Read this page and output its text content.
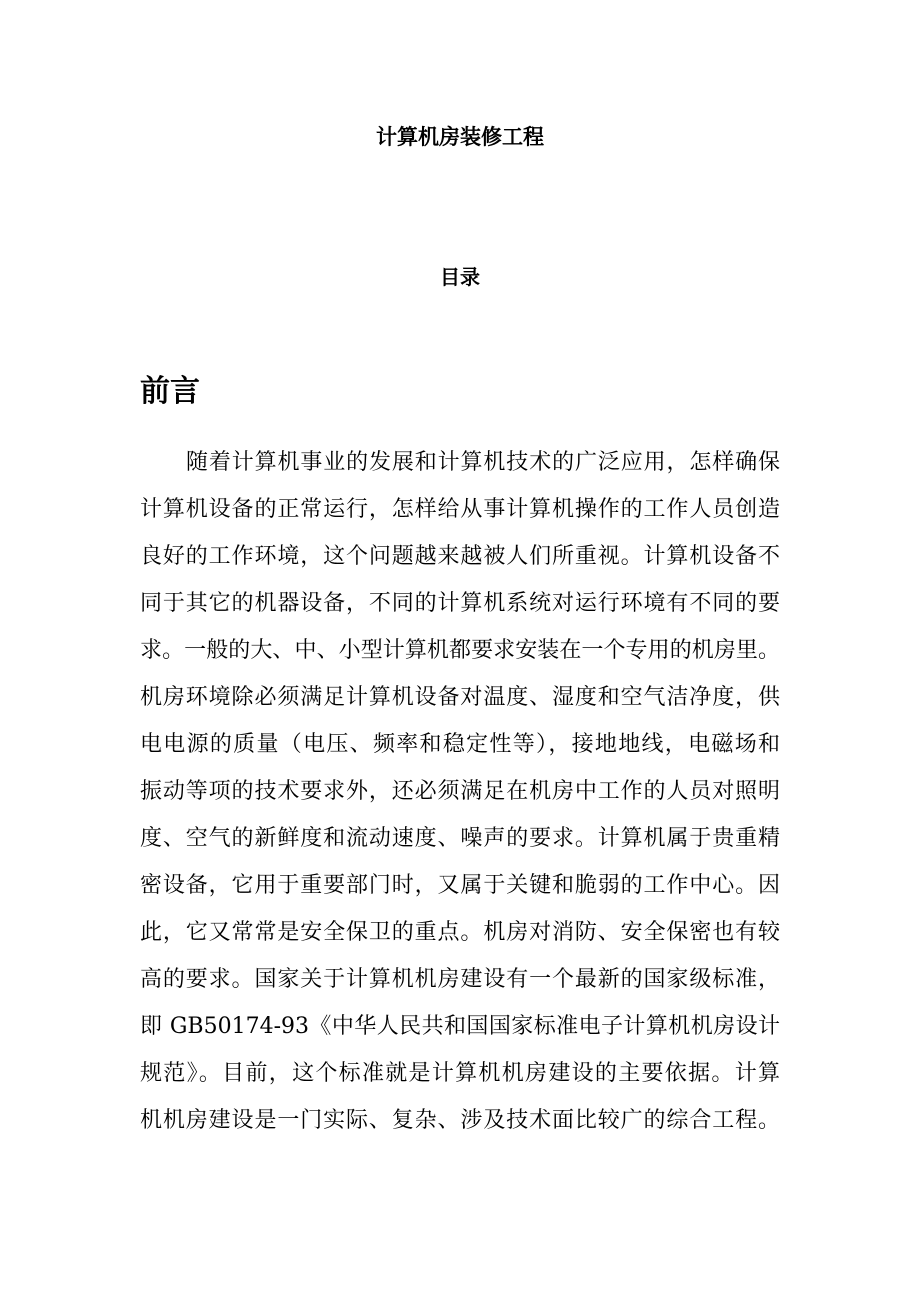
计算机房装修工程
目录
前言
随着计算机事业的发展和计算机技术的广泛应用，怎样确保
计算机设备的正常运行，怎样给从事计算机操作的工作人员创造
良好的工作环境，这个问题越来越被人们所重视。计算机设备不
同于其它的机器设备，不同的计算机系统对运行环境有不同的要
求。一般的大、中、小型计算机都要求安装在一个专用的机房里。
机房环境除必须满足计算机设备对温度、湿度和空气洁净度，供
电电源的质量（电压、频率和稳定性等），接地地线，电磁场和
振动等项的技术要求外，还必须满足在机房中工作的人员对照明
度、空气的新鲜度和流动速度、噪声的要求。计算机属于贵重精
密设备，它用于重要部门时，又属于关键和脆弱的工作中心。因
此，它又常常是安全保卫的重点。机房对消防、安全保密也有较
高的要求。国家关于计算机机房建设有一个最新的国家级标准，
即 GB50174-93《中华人民共和国国家标准电子计算机机房设计
规范》。目前，这个标准就是计算机机房建设的主要依据。计算
机机房建设是一门实际、复杂、涉及技术面比较广的综合工程。
